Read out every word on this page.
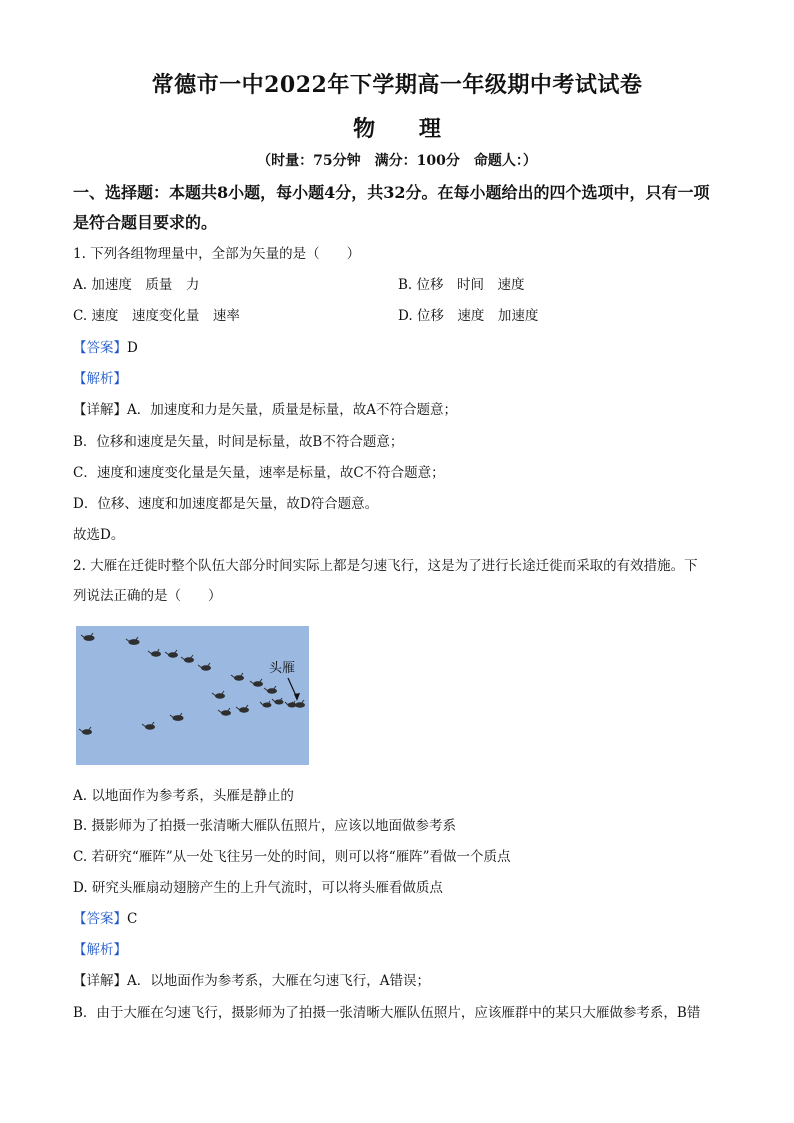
常德市一中2022年下学期高一年级期中考试试卷
物 理
（时量：75分钟　满分：100分　命题人：）
一、选择题：本题共8小题，每小题4分，共32分。在每小题给出的四个选项中，只有一项
是符合题目要求的。
1. 下列各组物理量中，全部为矢量的是（　　）
A. 加速度　质量　力	B. 位移　时间　速度
C. 速度　速度变化量　速率	D. 位移　速度　加速度
【答案】D
【解析】
【详解】A．加速度和力是矢量，质量是标量，故A不符合题意；
B．位移和速度是矢量，时间是标量，故B不符合题意；
C．速度和速度变化量是矢量，速率是标量，故C不符合题意；
D．位移、速度和加速度都是矢量，故D符合题意。
故选D。
2. 大雁在迁徙时整个队伍大部分时间实际上都是匀速飞行，这是为了进行长途迁徙而采取的有效措施。下
列说法正确的是（　　）
头雁
A. 以地面作为参考系，头雁是静止的
B. 摄影师为了拍摄一张清晰大雁队伍照片，应该以地面做参考系
C. 若研究“雁阵”从一处飞往另一处的时间，则可以将“雁阵”看做一个质点
D. 研究头雁扇动翅膀产生的上升气流时，可以将头雁看做质点
【答案】C
【解析】
【详解】A．以地面作为参考系，大雁在匀速飞行，A错误；
B．由于大雁在匀速飞行，摄影师为了拍摄一张清晰大雁队伍照片，应该雁群中的某只大雁做参考系，B错
